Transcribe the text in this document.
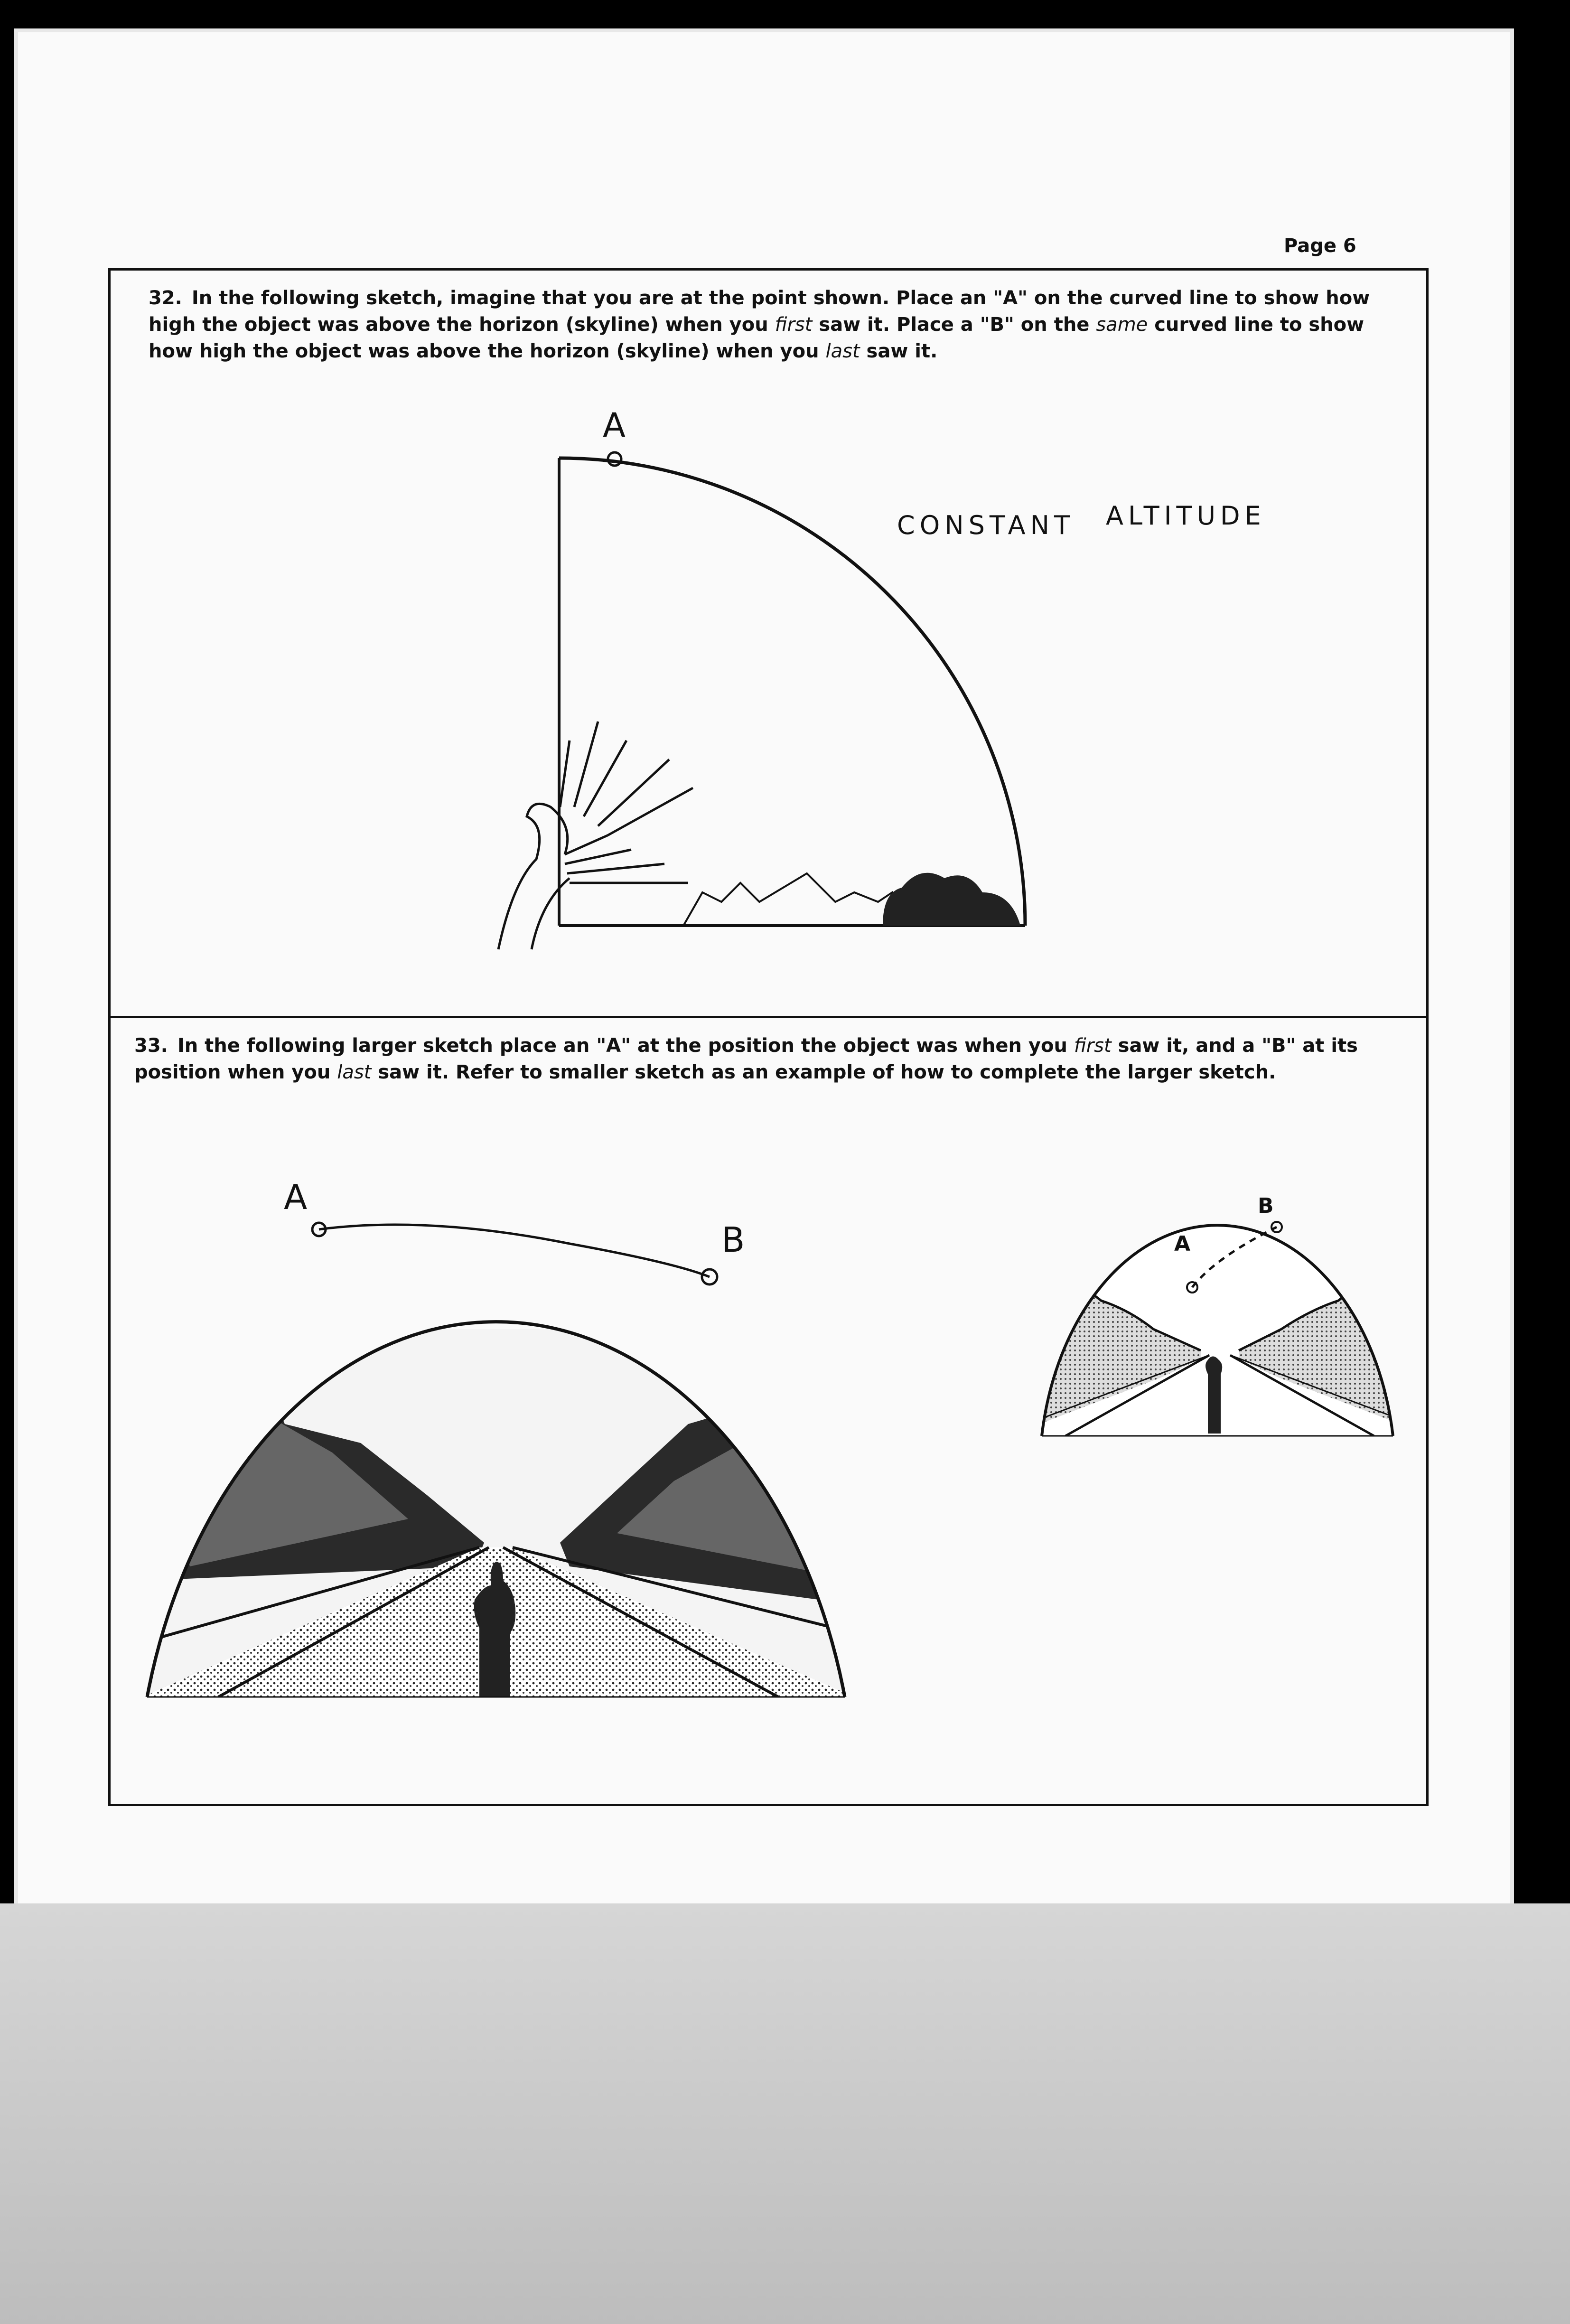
Page 6
32. In the following sketch, imagine that you are at the point shown. Place an "A" on the curved line to show how high the object was above the horizon (skyline) when you first saw it. Place a "B" on the same curved line to show how high the object was above the horizon (skyline) when you last saw it.
33. In the following larger sketch place an "A" at the position the object was when you first saw it, and a "B" at its position when you last saw it. Refer to smaller sketch as an example of how to complete the larger sketch.
A
CONSTANT ALTITUDE
A
B	A
B
